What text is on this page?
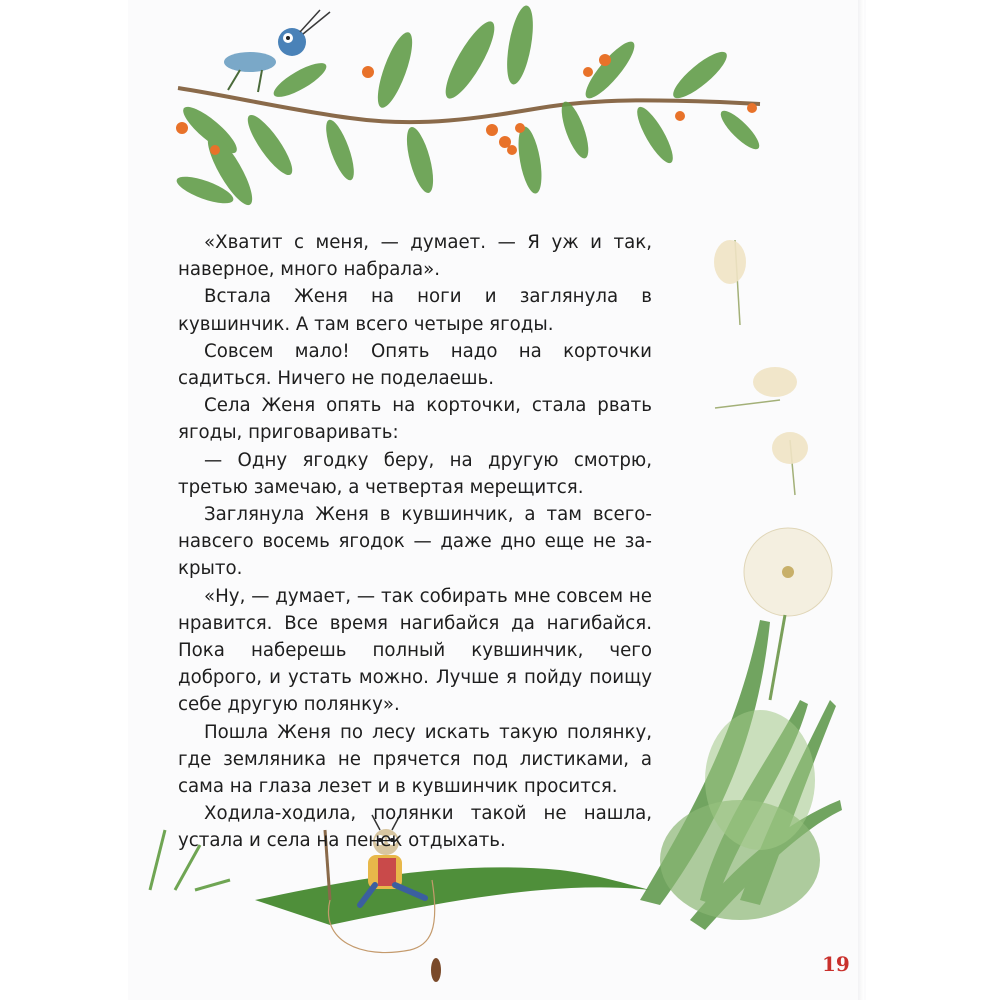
«Хватит с меня, — думает. — Я уж и так, наверное, много набрала».

Встала Женя на ноги и заглянула в кувшинчик. А там всего четыре ягоды.

Совсем мало! Опять надо на корточки садиться. Ничего не поделаешь.

Села Женя опять на корточки, стала рвать ягоды, приговаривать:

— Одну ягодку беру, на другую смотрю, третью замечаю, а четвертая мерещится.

Заглянула Женя в кувшинчик, а там всего-навсего восемь ягодок — даже дно еще не закрыто.

«Ну, — думает, — так собирать мне совсем не нравится. Все время нагибайся да нагибайся. Пока наберешь полный кувшинчик, чего доброго, и устать можно. Лучше я пойду поищу себе другую полянку».

Пошла Женя по лесу искать такую полянку, где земляника не прячется под листиками, а сама на глаза лезет и в кувшинчик просится.

Ходила-ходила, полянки такой не нашла, устала и села на пенек отдыхать.

19
